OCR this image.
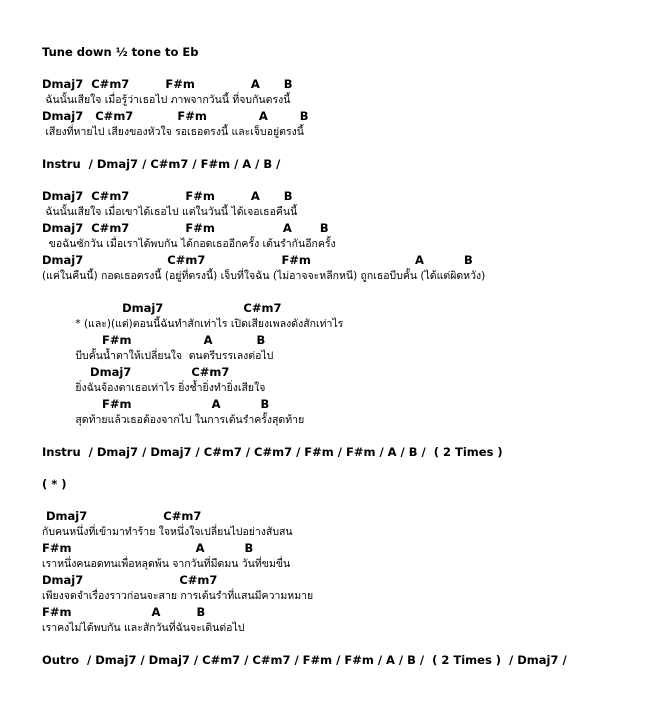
Tune down ½ tone to Eb
Dmaj7  C#m7         F#m              A      B
ฉันนั้นเสียใจ เมื่อรู้ว่าเธอไป ภาพจากวันนี้ ที่จบกันตรงนี้
Dmaj7   C#m7           F#m             A        B
เสียงที่หายไป เสียงของหัวใจ รอเธอตรงนี้ และเจ็บอยู่ตรงนี้
Instru  / Dmaj7 / C#m7 / F#m / A / B /
Dmaj7  C#m7              F#m         A      B
ฉันนั้นเสียใจ เมื่อเขาได้เธอไป แต่ในวันนี้ ได้เจอเธอคืนนี้
Dmaj7  C#m7              F#m                 A       B
ขอฉันซักวัน เมื่อเราได้พบกัน ได้กอดเธออีกครั้ง เต้นรำกันอีกครั้ง
Dmaj7                     C#m7                   F#m                          A          B
(แค่ในคืนนี้) กอดเธอตรงนี้ (อยู่ที่ตรงนี้) เจ็บที่ใจฉัน (ไม่อาจจะหลีกหนี) ถูกเธอบีบคั้น (ได้แต่ผิดหวัง)
Dmaj7                    C#m7
* (และ)(แต่)ตอนนี้ฉันทำสักเท่าไร เปิดเสียงเพลงดังสักเท่าไร
F#m                  A           B
บีบคั้นน้ำตาให้เปลี่ยนใจ  ดนตรีบรรเลงต่อไป
Dmaj7               C#m7
ยิ่งฉันจ้องตาเธอเท่าไร ยิ่งช้ำยิ่งทำยิ่งเสียใจ
F#m                    A          B
สุดท้ายแล้วเธอต้องจากไป ในการเต้นรำครั้งสุดท้าย
Instru  / Dmaj7 / Dmaj7 / C#m7 / C#m7 / F#m / F#m / A / B /  ( 2 Times )
( * )
Dmaj7                   C#m7
กับคนหนึ่งที่เข้ามาทำร้าย ใจหนึ่งใจเปลี่ยนไปอย่างสับสน
F#m                               A          B
เราหนึ่งคนอดทนเพื่อหลุดพ้น จากวันที่มืดมน วันที่ขมขื่น
Dmaj7                        C#m7
เพียงจดจำเรื่องราวก่อนจะสาย การเต้นรำที่แสนมีความหมาย
F#m                    A         B
เราคงไม่ได้พบกัน และสักวันที่ฉันจะเดินต่อไป
Outro  / Dmaj7 / Dmaj7 / C#m7 / C#m7 / F#m / F#m / A / B /  ( 2 Times )  / Dmaj7 /
